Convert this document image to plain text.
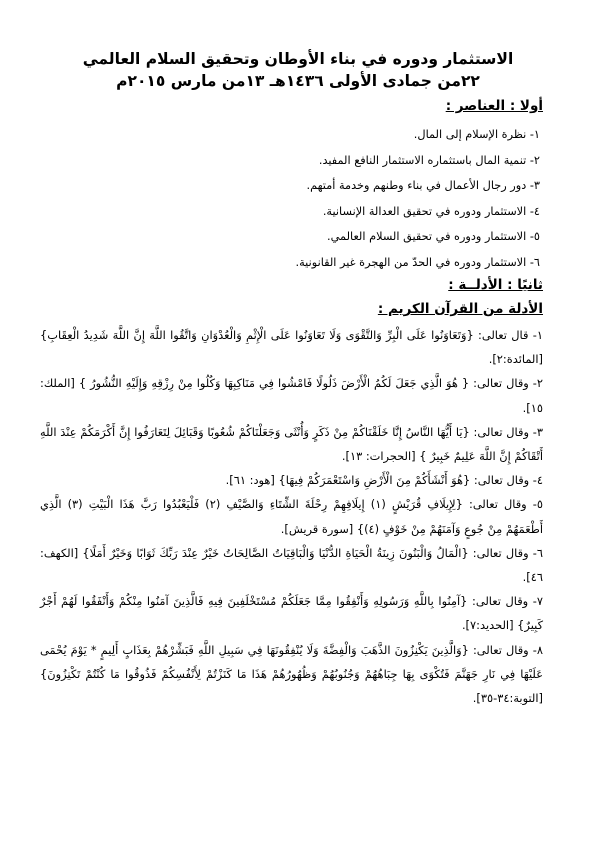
الاستثمار ودوره في بناء الأوطان وتحقيق السلام العالمي
٢٢من جمادى الأولى ١٤٣٦هـ ١٣من مارس ٢٠١٥م
أولا : العناصر :
١- نظرة الإسلام إلى المال.
٢- تنمية المال باستثماره الاستثمار النافع المفيد.
٣- دور رجال الأعمال في بناء وطنهم وخدمة أمتهم.
٤- الاستثمار ودوره في تحقيق العدالة الإنسانية.
٥- الاستثمار ودوره في تحقيق السلام العالمي.
٦- الاستثمار ودوره في الحدّ من الهجرة غير القانونية.
ثانيًا : الأدلــة :
الأدلة من القرآن الكريم :
١- قال تعالى: {وَتَعَاوَنُوا عَلَى الْبِرِّ وَالتَّقْوَى وَلَا تَعَاوَنُوا عَلَى الْإِثْمِ وَالْعُدْوَانِ وَاتَّقُوا اللَّهَ إِنَّ اللَّهَ شَدِيدُ الْعِقَابِ}[المائدة:٢].
٢- وقال تعالى: { هُوَ الَّذِي جَعَلَ لَكُمُ الْأَرْضَ ذَلُولًا فَامْشُوا فِي مَنَاكِبِهَا وَكُلُوا مِنْ رِزْقِهِ وَإِلَيْهِ النُّشُورُ } [الملك: ١٥].
٣- وقال تعالى: {يَا أَيُّهَا النَّاسُ إِنَّا خَلَقْنَاكُمْ مِنْ ذَكَرٍ وَأُنْثَى وَجَعَلْنَاكُمْ شُعُوبًا وَقَبَائِلَ لِتَعَارَفُوا إِنَّ أَكْرَمَكُمْ عِنْدَ اللَّهِ أَتْقَاكُمْ إِنَّ اللَّهَ عَلِيمٌ خَبِيرٌ } [الحجرات: ١٣].
٤- وقال تعالى: {هُوَ أَنْشَأَكُمْ مِنَ الْأَرْضِ وَاسْتَعْمَرَكُمْ فِيهَا} [هود: ٦١].
٥- وقال تعالى: {لِإِيلَافِ قُرَيْشٍ (١) إِيلَافِهِمْ رِحْلَةَ الشِّتَاءِ وَالصَّيْفِ (٢) فَلْيَعْبُدُوا رَبَّ هَذَا الْبَيْتِ (٣) الَّذِي أَطْعَمَهُمْ مِنْ جُوعٍ وَآمَنَهُمْ مِنْ خَوْفٍ (٤)} [سورة قريش].
٦- وقال تعالى: {الْمَالُ وَالْبَنُونَ زِينَةُ الْحَيَاةِ الدُّنْيَا وَالْبَاقِيَاتُ الصَّالِحَاتُ خَيْرٌ عِنْدَ رَبِّكَ ثَوَابًا وَخَيْرٌ أَمَلًا} [الكهف: ٤٦].
٧- وقال تعالى: {آمِنُوا بِاللَّهِ وَرَسُولِهِ وَأَنْفِقُوا مِمَّا جَعَلَكُمْ مُسْتَخْلَفِينَ فِيهِ فَالَّذِينَ آمَنُوا مِنْكُمْ وَأَنْفَقُوا لَهُمْ أَجْرٌ كَبِيرٌ} [الحديد:٧].
٨- وقال تعالى: {وَالَّذِينَ يَكْنِزُونَ الذَّهَبَ وَالْفِضَّةَ وَلَا يُنْفِقُونَهَا فِي سَبِيلِ اللَّهِ فَبَشِّرْهُمْ بِعَذَابٍ أَلِيمٍ * يَوْمَ يُحْمَى عَلَيْهَا فِي نَارِ جَهَنَّمَ فَتُكْوَى بِهَا جِبَاهُهُمْ وَجُنُوبُهُمْ وَظُهُورُهُمْ هَذَا مَا كَنَزْتُمْ لِأَنْفُسِكُمْ فَذُوقُوا مَا كُنْتُمْ تَكْنِزُونَ} [التوبة:٣٤-٣٥].
